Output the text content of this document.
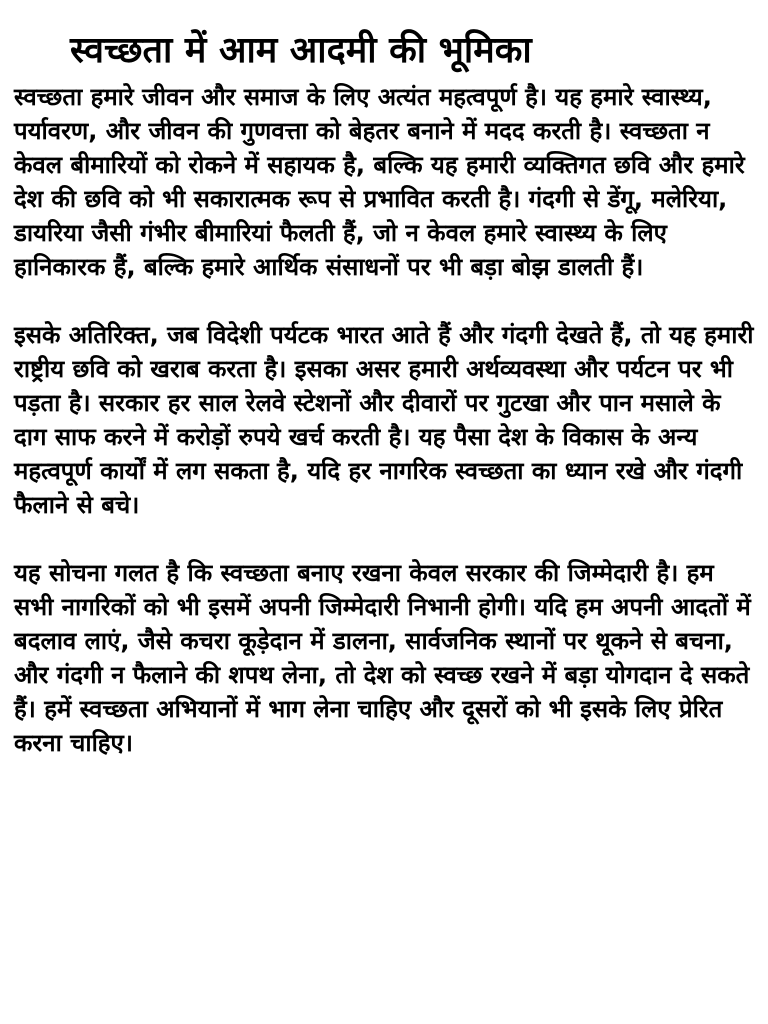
स्वच्छता में आम आदमी की भूमिका

स्वच्छता हमारे जीवन और समाज के लिए अत्यंत महत्वपूर्ण है। यह हमारे स्वास्थ्य, पर्यावरण, और जीवन की गुणवत्ता को बेहतर बनाने में मदद करती है। स्वच्छता न केवल बीमारियों को रोकने में सहायक है, बल्कि यह हमारी व्यक्तिगत छवि और हमारे देश की छवि को भी सकारात्मक रूप से प्रभावित करती है। गंदगी से डेंगू, मलेरिया, डायरिया जैसी गंभीर बीमारियां फैलती हैं, जो न केवल हमारे स्वास्थ्य के लिए हानिकारक हैं, बल्कि हमारे आर्थिक संसाधनों पर भी बड़ा बोझ डालती हैं।

इसके अतिरिक्त, जब विदेशी पर्यटक भारत आते हैं और गंदगी देखते हैं, तो यह हमारी राष्ट्रीय छवि को खराब करता है। इसका असर हमारी अर्थव्यवस्था और पर्यटन पर भी पड़ता है। सरकार हर साल रेलवे स्टेशनों और दीवारों पर गुटखा और पान मसाले के दाग साफ करने में करोड़ों रुपये खर्च करती है। यह पैसा देश के विकास के अन्य महत्वपूर्ण कार्यों में लग सकता है, यदि हर नागरिक स्वच्छता का ध्यान रखे और गंदगी फैलाने से बचे।

यह सोचना गलत है कि स्वच्छता बनाए रखना केवल सरकार की जिम्मेदारी है। हम सभी नागरिकों को भी इसमें अपनी जिम्मेदारी निभानी होगी। यदि हम अपनी आदतों में बदलाव लाएं, जैसे कचरा कूड़ेदान में डालना, सार्वजनिक स्थानों पर थूकने से बचना, और गंदगी न फैलाने की शपथ लेना, तो देश को स्वच्छ रखने में बड़ा योगदान दे सकते हैं। हमें स्वच्छता अभियानों में भाग लेना चाहिए और दूसरों को भी इसके लिए प्रेरित करना चाहिए।
